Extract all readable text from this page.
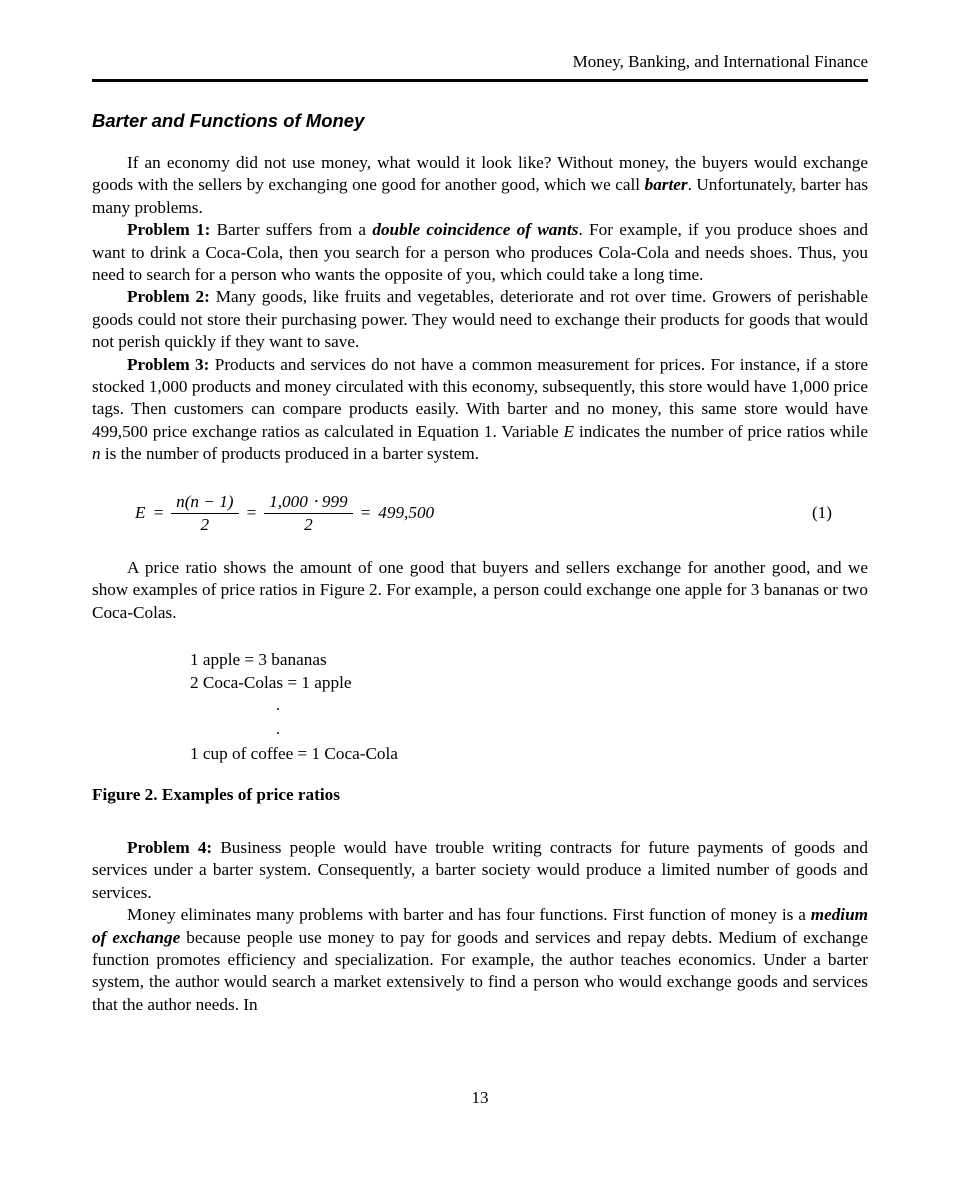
Money, Banking, and International Finance
Barter and Functions of Money

If an economy did not use money, what would it look like? Without money, the buyers would exchange goods with the sellers by exchanging one good for another good, which we call barter. Unfortunately, barter has many problems.

Problem 1: Barter suffers from a double coincidence of wants. For example, if you produce shoes and want to drink a Coca-Cola, then you search for a person who produces Cola-Cola and needs shoes. Thus, you need to search for a person who wants the opposite of you, which could take a long time.

Problem 2: Many goods, like fruits and vegetables, deteriorate and rot over time. Growers of perishable goods could not store their purchasing power. They would need to exchange their products for goods that would not perish quickly if they want to save.

Problem 3: Products and services do not have a common measurement for prices. For instance, if a store stocked 1,000 products and money circulated with this economy, subsequently, this store would have 1,000 price tags. Then customers can compare products easily. With barter and no money, this same store would have 499,500 price exchange ratios as calculated in Equation 1. Variable E indicates the number of price ratios while n is the number of products produced in a barter system.

$E = \frac{n(n - 1)}{2} = \frac{1,000 \cdot 999}{2} = 499,500$	(1)

A price ratio shows the amount of one good that buyers and sellers exchange for another good, and we show examples of price ratios in Figure 2. For example, a person could exchange one apple for 3 bananas or two Coca-Colas.

1 apple = 3 bananas
2 Coca-Colas = 1 apple
.
.
1 cup of coffee = 1 Coca-Cola
Figure 2. Examples of price ratios

Problem 4: Business people would have trouble writing contracts for future payments of goods and services under a barter system. Consequently, a barter society would produce a limited number of goods and services.

Money eliminates many problems with barter and has four functions. First function of money is a medium of exchange because people use money to pay for goods and services and repay debts. Medium of exchange function promotes efficiency and specialization. For example, the author teaches economics. Under a barter system, the author would search a market extensively to find a person who would exchange goods and services that the author needs. In

13
